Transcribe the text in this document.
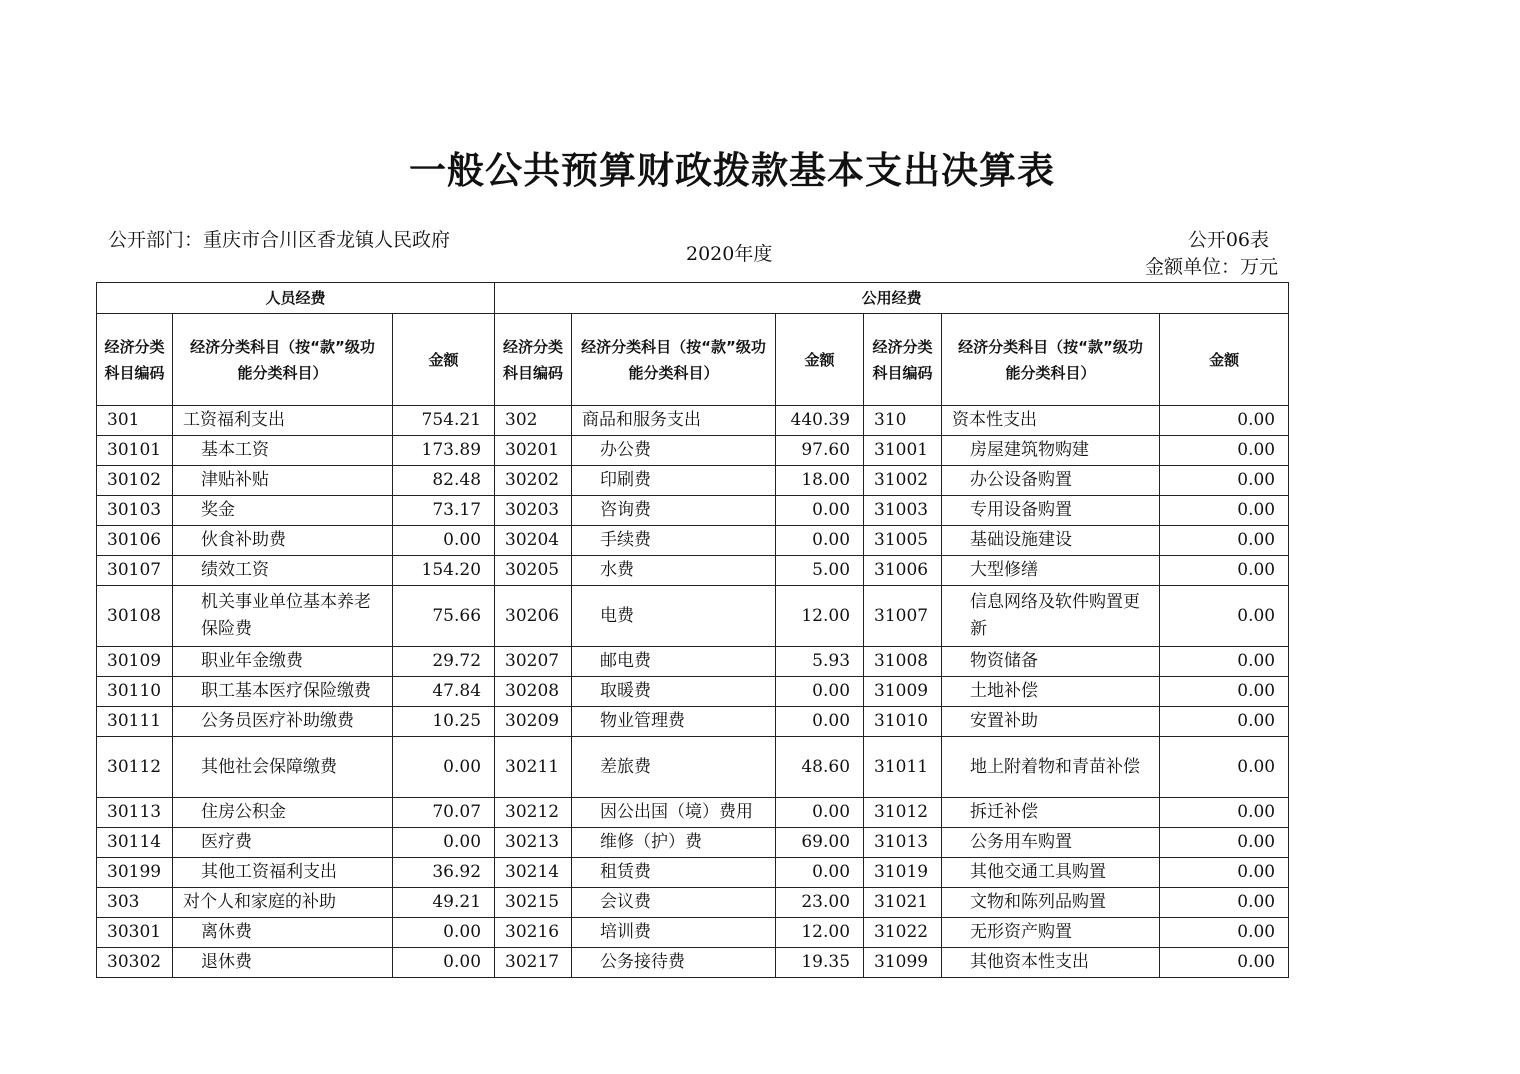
一般公共预算财政拨款基本支出决算表
公开部门：重庆市合川区香龙镇人民政府
2020年度
公开06表
金额单位：万元
人员经费			公用经费					
经济分类科目编码	经济分类科目（按“款”级功能分类科目）	金额	经济分类科目编码	经济分类科目（按“款”级功能分类科目）	金额	经济分类科目编码	经济分类科目（按“款”级功能分类科目）	金额
301	工资福利支出	754.21	302	商品和服务支出	440.39	310	资本性支出	0.00
30101	基本工资	173.89	30201	办公费	97.60	31001	房屋建筑物购建	0.00
30102	津贴补贴	82.48	30202	印刷费	18.00	31002	办公设备购置	0.00
30103	奖金	73.17	30203	咨询费	0.00	31003	专用设备购置	0.00
30106	伙食补助费	0.00	30204	手续费	0.00	31005	基础设施建设	0.00
30107	绩效工资	154.20	30205	水费	5.00	31006	大型修缮	0.00
30108	机关事业单位基本养老保险费	75.66	30206	电费	12.00	31007	信息网络及软件购置更新	0.00
30109	职业年金缴费	29.72	30207	邮电费	5.93	31008	物资储备	0.00
30110	职工基本医疗保险缴费	47.84	30208	取暖费	0.00	31009	土地补偿	0.00
30111	公务员医疗补助缴费	10.25	30209	物业管理费	0.00	31010	安置补助	0.00
30112	其他社会保障缴费	0.00	30211	差旅费	48.60	31011	地上附着物和青苗补偿	0.00
30113	住房公积金	70.07	30212	因公出国（境）费用	0.00	31012	拆迁补偿	0.00
30114	医疗费	0.00	30213	维修（护）费	69.00	31013	公务用车购置	0.00
30199	其他工资福利支出	36.92	30214	租赁费	0.00	31019	其他交通工具购置	0.00
303	对个人和家庭的补助	49.21	30215	会议费	23.00	31021	文物和陈列品购置	0.00
30301	离休费	0.00	30216	培训费	12.00	31022	无形资产购置	0.00
30302	退休费	0.00	30217	公务接待费	19.35	31099	其他资本性支出	0.00
